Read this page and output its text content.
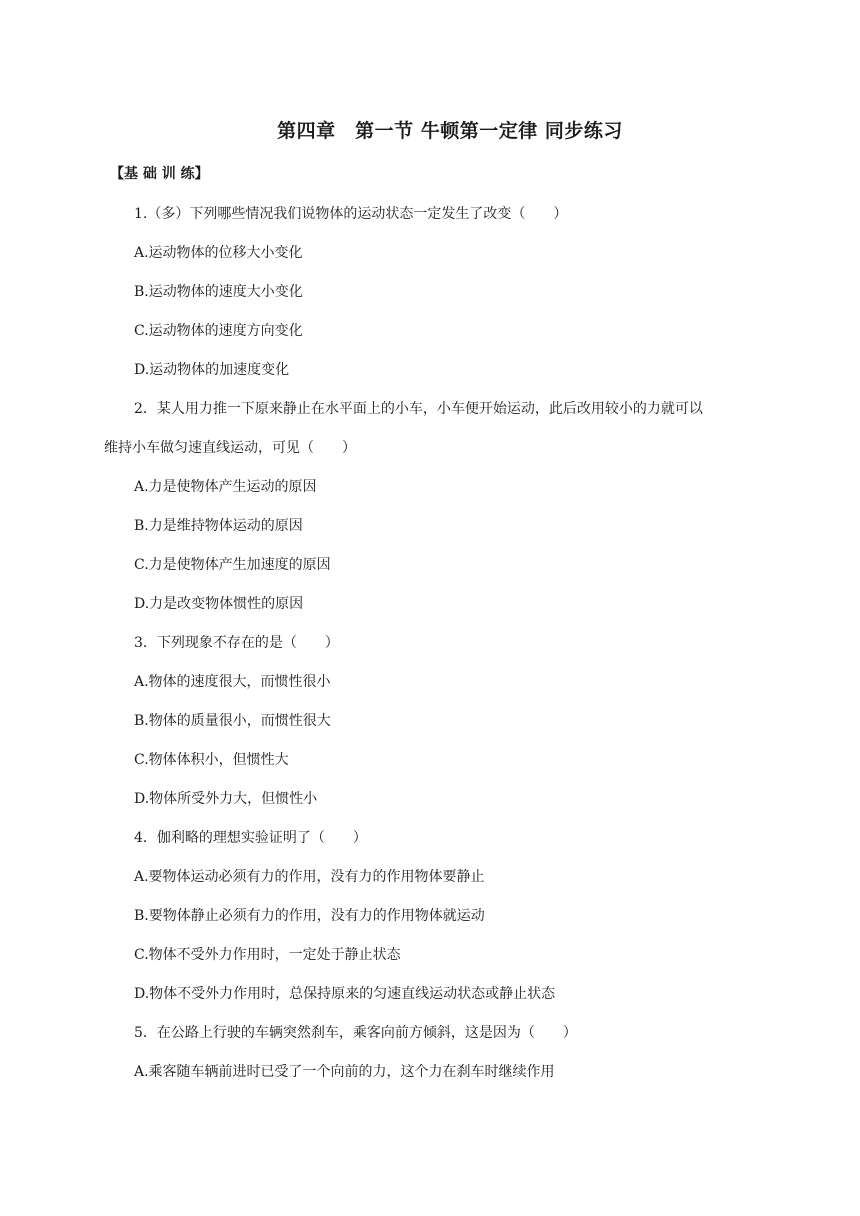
第四章　第一节 牛顿第一定律 同步练习
【基 础 训 练】
1.（多）下列哪些情况我们说物体的运动状态一定发生了改变（　　）
A.运动物体的位移大小变化
B.运动物体的速度大小变化
C.运动物体的速度方向变化
D.运动物体的加速度变化
2．某人用力推一下原来静止在水平面上的小车，小车便开始运动，此后改用较小的力就可以
维持小车做匀速直线运动，可见（　　）
A.力是使物体产生运动的原因
B.力是维持物体运动的原因
C.力是使物体产生加速度的原因
D.力是改变物体惯性的原因
3．下列现象不存在的是（　　）
A.物体的速度很大，而惯性很小
B.物体的质量很小，而惯性很大
C.物体体积小，但惯性大
D.物体所受外力大，但惯性小
4．伽利略的理想实验证明了（　　）
A.要物体运动必须有力的作用，没有力的作用物体要静止
B.要物体静止必须有力的作用，没有力的作用物体就运动
C.物体不受外力作用时，一定处于静止状态
D.物体不受外力作用时，总保持原来的匀速直线运动状态或静止状态
5．在公路上行驶的车辆突然刹车，乘客向前方倾斜，这是因为（　　）
A.乘客随车辆前进时已受了一个向前的力，这个力在刹车时继续作用
